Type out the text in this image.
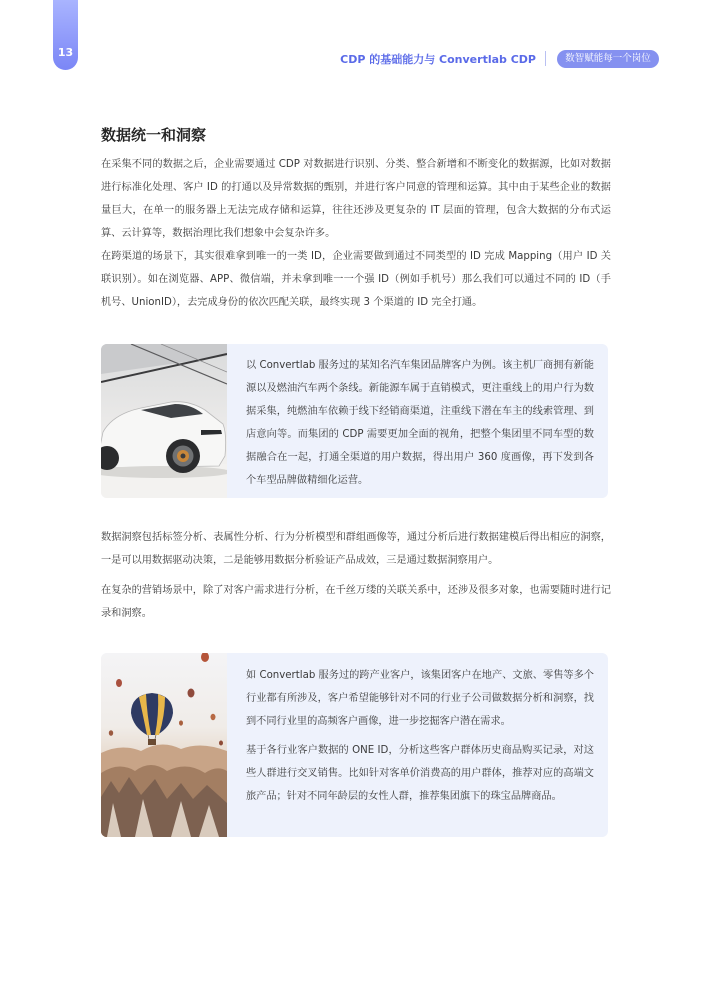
13
CDP 的基础能力与 Convertlab CDP	数智赋能每一个岗位
数据统一和洞察

在采集不同的数据之后，企业需要通过 CDP 对数据进行识别、分类、整合新增和不断变化的数据源，比如对数据进行标准化处理、客户 ID 的打通以及异常数据的甄别，并进行客户同意的管理和运算。其中由于某些企业的数据量巨大，在单一的服务器上无法完成存储和运算，往往还涉及更复杂的 IT 层面的管理，包含大数据的分布式运算、云计算等，数据治理比我们想象中会复杂许多。

在跨渠道的场景下，其实很难拿到唯一的一类 ID，企业需要做到通过不同类型的 ID 完成 Mapping（用户 ID 关联识别）。如在浏览器、APP、微信端，并未拿到唯一一个强 ID（例如手机号）那么我们可以通过不同的 ID（手机号、UnionID），去完成身份的依次匹配关联，最终实现 3 个渠道的 ID 完全打通。

以 Convertlab 服务过的某知名汽车集团品牌客户为例。该主机厂商拥有新能源以及燃油汽车两个条线。新能源车属于直销模式，更注重线上的用户行为数据采集，纯燃油车依赖于线下经销商渠道，注重线下潜在车主的线索管理、到店意向等。而集团的 CDP 需要更加全面的视角，把整个集团里不同车型的数据融合在一起，打通全渠道的用户数据，得出用户 360 度画像，再下发到各个车型品牌做精细化运营。

数据洞察包括标签分析、表属性分析、行为分析模型和群组画像等，通过分析后进行数据建模后得出相应的洞察，一是可以用数据驱动决策，二是能够用数据分析验证产品成效，三是通过数据洞察用户。

在复杂的营销场景中，除了对客户需求进行分析，在千丝万缕的关联关系中，还涉及很多对象，也需要随时进行记录和洞察。

如 Convertlab 服务过的跨产业客户，该集团客户在地产、文旅、零售等多个行业都有所涉及，客户希望能够针对不同的行业子公司做数据分析和洞察，找到不同行业里的高频客户画像，进一步挖掘客户潜在需求。

基于各行业客户数据的 ONE ID，分析这些客户群体历史商品购买记录，对这些人群进行交叉销售。比如针对客单价消费高的用户群体，推荐对应的高端文旅产品；针对不同年龄层的女性人群，推荐集团旗下的珠宝品牌商品。
